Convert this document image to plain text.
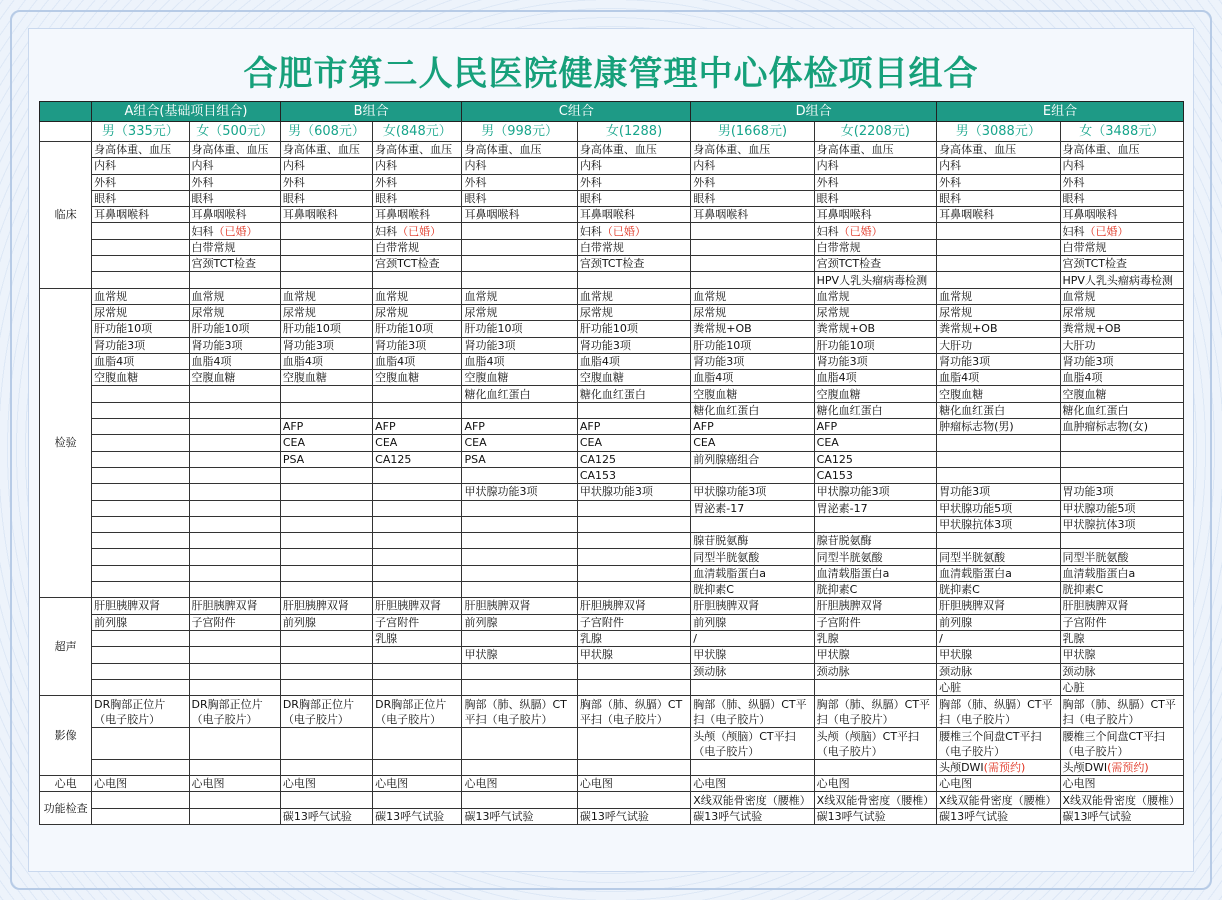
合肥市第二人民医院健康管理中心体检项目组合
	A组合(基础项目组合)		B组合		C组合		D组合		E组合	
	男（335元）	女（500元）	男（608元）	女(848元）	男（998元）	女(1288)	男(1668元)	女(2208元)	男（3088元）	女（3488元）
临床	身高体重、血压	身高体重、血压	身高体重、血压	身高体重、血压	身高体重、血压	身高体重、血压	身高体重、血压	身高体重、血压	身高体重、血压	身高体重、血压
	内科	内科	内科	内科	内科	内科	内科	内科	内科	内科
	外科	外科	外科	外科	外科	外科	外科	外科	外科	外科
	眼科	眼科	眼科	眼科	眼科	眼科	眼科	眼科	眼科	眼科
	耳鼻咽喉科	耳鼻咽喉科	耳鼻咽喉科	耳鼻咽喉科	耳鼻咽喉科	耳鼻咽喉科	耳鼻咽喉科	耳鼻咽喉科	耳鼻咽喉科	耳鼻咽喉科
		妇科（已婚）		妇科（已婚）		妇科（已婚）		妇科（已婚）		妇科（已婚）
		白带常规		白带常规		白带常规		白带常规		白带常规
		宫颈TCT检查		宫颈TCT检查		宫颈TCT检查		宫颈TCT检查		宫颈TCT检查
								HPV人乳头瘤病毒检测		HPV人乳头瘤病毒检测
检验	血常规	血常规	血常规	血常规	血常规	血常规	血常规	血常规	血常规	血常规
	尿常规	尿常规	尿常规	尿常规	尿常规	尿常规	尿常规	尿常规	尿常规	尿常规
	肝功能10项	肝功能10项	肝功能10项	肝功能10项	肝功能10项	肝功能10项	粪常规+OB	粪常规+OB	粪常规+OB	粪常规+OB
	肾功能3项	肾功能3项	肾功能3项	肾功能3项	肾功能3项	肾功能3项	肝功能10项	肝功能10项	大肝功	大肝功
	血脂4项	血脂4项	血脂4项	血脂4项	血脂4项	血脂4项	肾功能3项	肾功能3项	肾功能3项	肾功能3项
	空腹血糖	空腹血糖	空腹血糖	空腹血糖	空腹血糖	空腹血糖	血脂4项	血脂4项	血脂4项	血脂4项
					糖化血红蛋白	糖化血红蛋白	空腹血糖	空腹血糖	空腹血糖	空腹血糖
							糖化血红蛋白	糖化血红蛋白	糖化血红蛋白	糖化血红蛋白
			AFP	AFP	AFP	AFP	AFP	AFP	肿瘤标志物(男)	血肿瘤标志物(女)
			CEA	CEA	CEA	CEA	CEA	CEA		
			PSA	CA125	PSA	CA125	前列腺癌组合	CA125		
						CA153		CA153		
					甲状腺功能3项	甲状腺功能3项	甲状腺功能3项	甲状腺功能3项	胃功能3项	胃功能3项
							胃泌素-17	胃泌素-17	甲状腺功能5项	甲状腺功能5项
									甲状腺抗体3项	甲状腺抗体3项
							腺苷脱氨酶	腺苷脱氨酶		
							同型半胱氨酸	同型半胱氨酸	同型半胱氨酸	同型半胱氨酸
							血清载脂蛋白a	血清载脂蛋白a	血清载脂蛋白a	血清载脂蛋白a
							胱抑素C	胱抑素C	胱抑素C	胱抑素C
超声	肝胆胰脾双肾	肝胆胰脾双肾	肝胆胰脾双肾	肝胆胰脾双肾	肝胆胰脾双肾	肝胆胰脾双肾	肝胆胰脾双肾	肝胆胰脾双肾	肝胆胰脾双肾	肝胆胰脾双肾
	前列腺	子宫附件	前列腺	子宫附件	前列腺	子宫附件	前列腺	子宫附件	前列腺	子宫附件
				乳腺		乳腺	/	乳腺	/	乳腺
					甲状腺	甲状腺	甲状腺	甲状腺	甲状腺	甲状腺
							颈动脉	颈动脉	颈动脉	颈动脉
									心脏	心脏
影像	DR胸部正位片（电子胶片）	DR胸部正位片（电子胶片）	DR胸部正位片（电子胶片）	DR胸部正位片（电子胶片）	胸部（肺、纵膈）CT平扫（电子胶片）	胸部（肺、纵膈）CT平扫（电子胶片）	胸部（肺、纵膈）CT平扫（电子胶片）	胸部（肺、纵膈）CT平扫（电子胶片）	胸部（肺、纵膈）CT平扫（电子胶片）	胸部（肺、纵膈）CT平扫（电子胶片）
							头颅（颅脑）CT平扫（电子胶片）	头颅（颅脑）CT平扫（电子胶片）	腰椎三个间盘CT平扫（电子胶片）	腰椎三个间盘CT平扫（电子胶片）
									头颅DWI(需预约)	头颅DWI(需预约)
心电	心电图	心电图	心电图	心电图	心电图	心电图	心电图	心电图	心电图	心电图
功能检查							X线双能骨密度（腰椎）	X线双能骨密度（腰椎）	X线双能骨密度（腰椎）	X线双能骨密度（腰椎）
			碳13呼气试验	碳13呼气试验	碳13呼气试验	碳13呼气试验	碳13呼气试验	碳13呼气试验	碳13呼气试验	碳13呼气试验
